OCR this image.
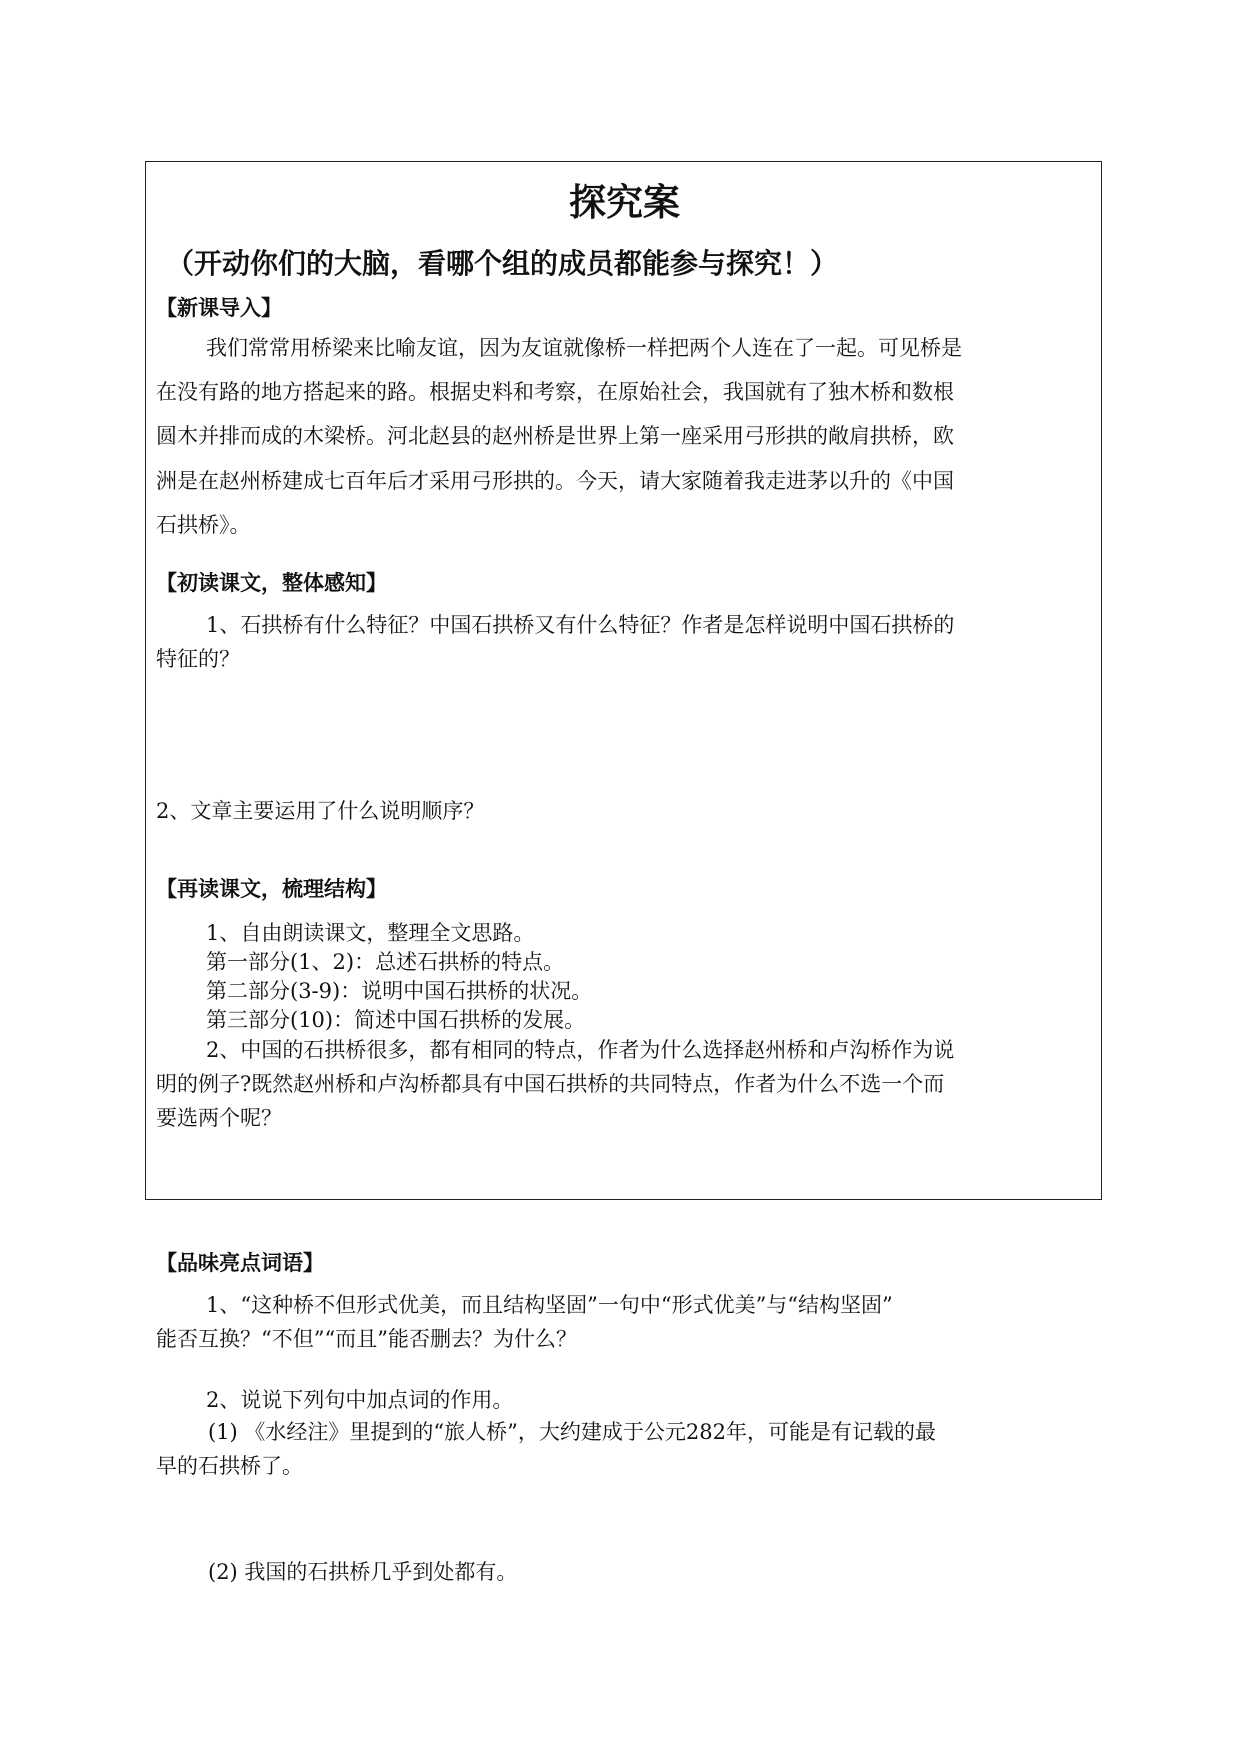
探究案
（开动你们的大脑，看哪个组的成员都能参与探究！）
【新课导入】
我们常常用桥梁来比喻友谊，因为友谊就像桥一样把两个人连在了一起。可见桥是
在没有路的地方搭起来的路。根据史料和考察，在原始社会，我国就有了独木桥和数根
圆木并排而成的木梁桥。河北赵县的赵州桥是世界上第一座采用弓形拱的敞肩拱桥，欧
洲是在赵州桥建成七百年后才采用弓形拱的。今天，请大家随着我走进茅以升的《中国
石拱桥》。
【初读课文，整体感知】
1、石拱桥有什么特征？中国石拱桥又有什么特征？作者是怎样说明中国石拱桥的
特征的？
2、文章主要运用了什么说明顺序？
【再读课文，梳理结构】
1、自由朗读课文，整理全文思路。
第一部分(1、2)：总述石拱桥的特点。
第二部分(3-9)：说明中国石拱桥的状况。
第三部分(10)：简述中国石拱桥的发展。
2、中国的石拱桥很多，都有相同的特点，作者为什么选择赵州桥和卢沟桥作为说
明的例子?既然赵州桥和卢沟桥都具有中国石拱桥的共同特点，作者为什么不选一个而
要选两个呢？
【品味亮点词语】
1、“这种桥不但形式优美，而且结构坚固”一句中“形式优美”与“结构坚固”
能否互换？“不但”“而且”能否删去？为什么？
2、说说下列句中加点词的作用。
(1) 《水经注》里提到的“旅人桥”，大约建成于公元282年，可能是有记载的最
早的石拱桥了。
(2) 我国的石拱桥几乎到处都有。
